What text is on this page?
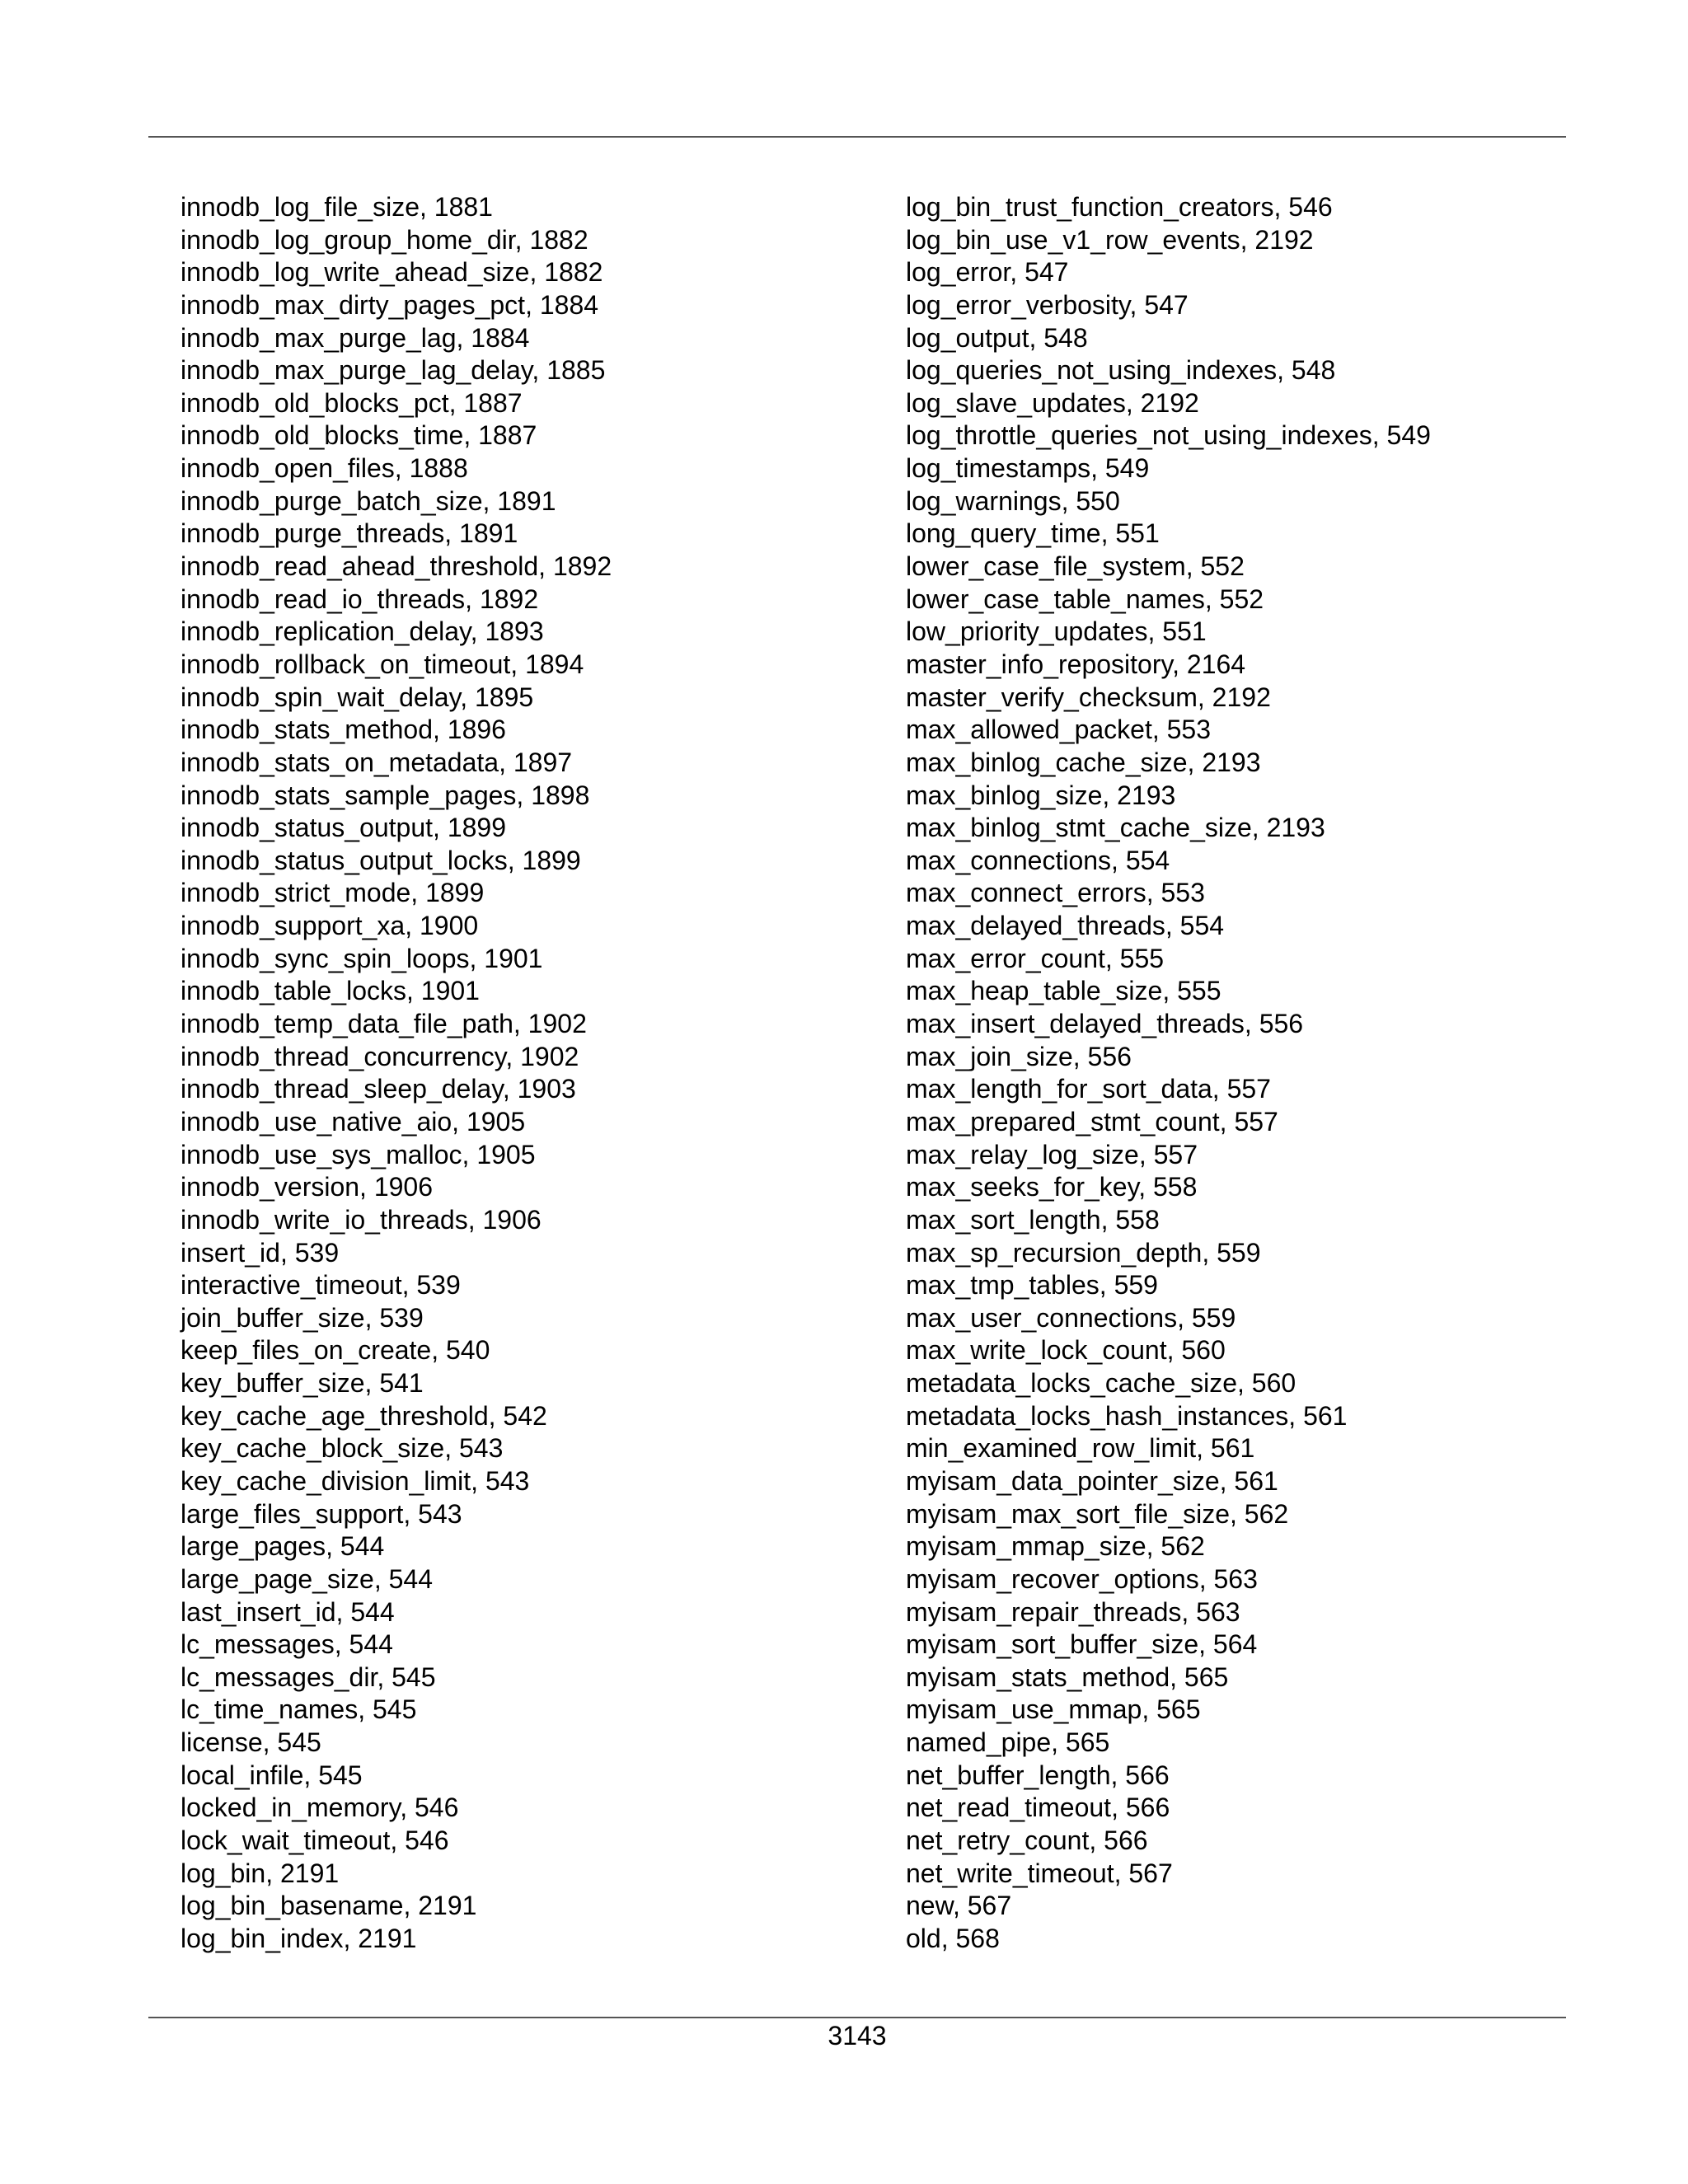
innodb_log_file_size, 1881
innodb_log_group_home_dir, 1882
innodb_log_write_ahead_size, 1882
innodb_max_dirty_pages_pct, 1884
innodb_max_purge_lag, 1884
innodb_max_purge_lag_delay, 1885
innodb_old_blocks_pct, 1887
innodb_old_blocks_time, 1887
innodb_open_files, 1888
innodb_purge_batch_size, 1891
innodb_purge_threads, 1891
innodb_read_ahead_threshold, 1892
innodb_read_io_threads, 1892
innodb_replication_delay, 1893
innodb_rollback_on_timeout, 1894
innodb_spin_wait_delay, 1895
innodb_stats_method, 1896
innodb_stats_on_metadata, 1897
innodb_stats_sample_pages, 1898
innodb_status_output, 1899
innodb_status_output_locks, 1899
innodb_strict_mode, 1899
innodb_support_xa, 1900
innodb_sync_spin_loops, 1901
innodb_table_locks, 1901
innodb_temp_data_file_path, 1902
innodb_thread_concurrency, 1902
innodb_thread_sleep_delay, 1903
innodb_use_native_aio, 1905
innodb_use_sys_malloc, 1905
innodb_version, 1906
innodb_write_io_threads, 1906
insert_id, 539
interactive_timeout, 539
join_buffer_size, 539
keep_files_on_create, 540
key_buffer_size, 541
key_cache_age_threshold, 542
key_cache_block_size, 543
key_cache_division_limit, 543
large_files_support, 543
large_pages, 544
large_page_size, 544
last_insert_id, 544
lc_messages, 544
lc_messages_dir, 545
lc_time_names, 545
license, 545
local_infile, 545
locked_in_memory, 546
lock_wait_timeout, 546
log_bin, 2191
log_bin_basename, 2191
log_bin_index, 2191
log_bin_trust_function_creators, 546
log_bin_use_v1_row_events, 2192
log_error, 547
log_error_verbosity, 547
log_output, 548
log_queries_not_using_indexes, 548
log_slave_updates, 2192
log_throttle_queries_not_using_indexes, 549
log_timestamps, 549
log_warnings, 550
long_query_time, 551
lower_case_file_system, 552
lower_case_table_names, 552
low_priority_updates, 551
master_info_repository, 2164
master_verify_checksum, 2192
max_allowed_packet, 553
max_binlog_cache_size, 2193
max_binlog_size, 2193
max_binlog_stmt_cache_size, 2193
max_connections, 554
max_connect_errors, 553
max_delayed_threads, 554
max_error_count, 555
max_heap_table_size, 555
max_insert_delayed_threads, 556
max_join_size, 556
max_length_for_sort_data, 557
max_prepared_stmt_count, 557
max_relay_log_size, 557
max_seeks_for_key, 558
max_sort_length, 558
max_sp_recursion_depth, 559
max_tmp_tables, 559
max_user_connections, 559
max_write_lock_count, 560
metadata_locks_cache_size, 560
metadata_locks_hash_instances, 561
min_examined_row_limit, 561
myisam_data_pointer_size, 561
myisam_max_sort_file_size, 562
myisam_mmap_size, 562
myisam_recover_options, 563
myisam_repair_threads, 563
myisam_sort_buffer_size, 564
myisam_stats_method, 565
myisam_use_mmap, 565
named_pipe, 565
net_buffer_length, 566
net_read_timeout, 566
net_retry_count, 566
net_write_timeout, 567
new, 567
old, 568
3143
